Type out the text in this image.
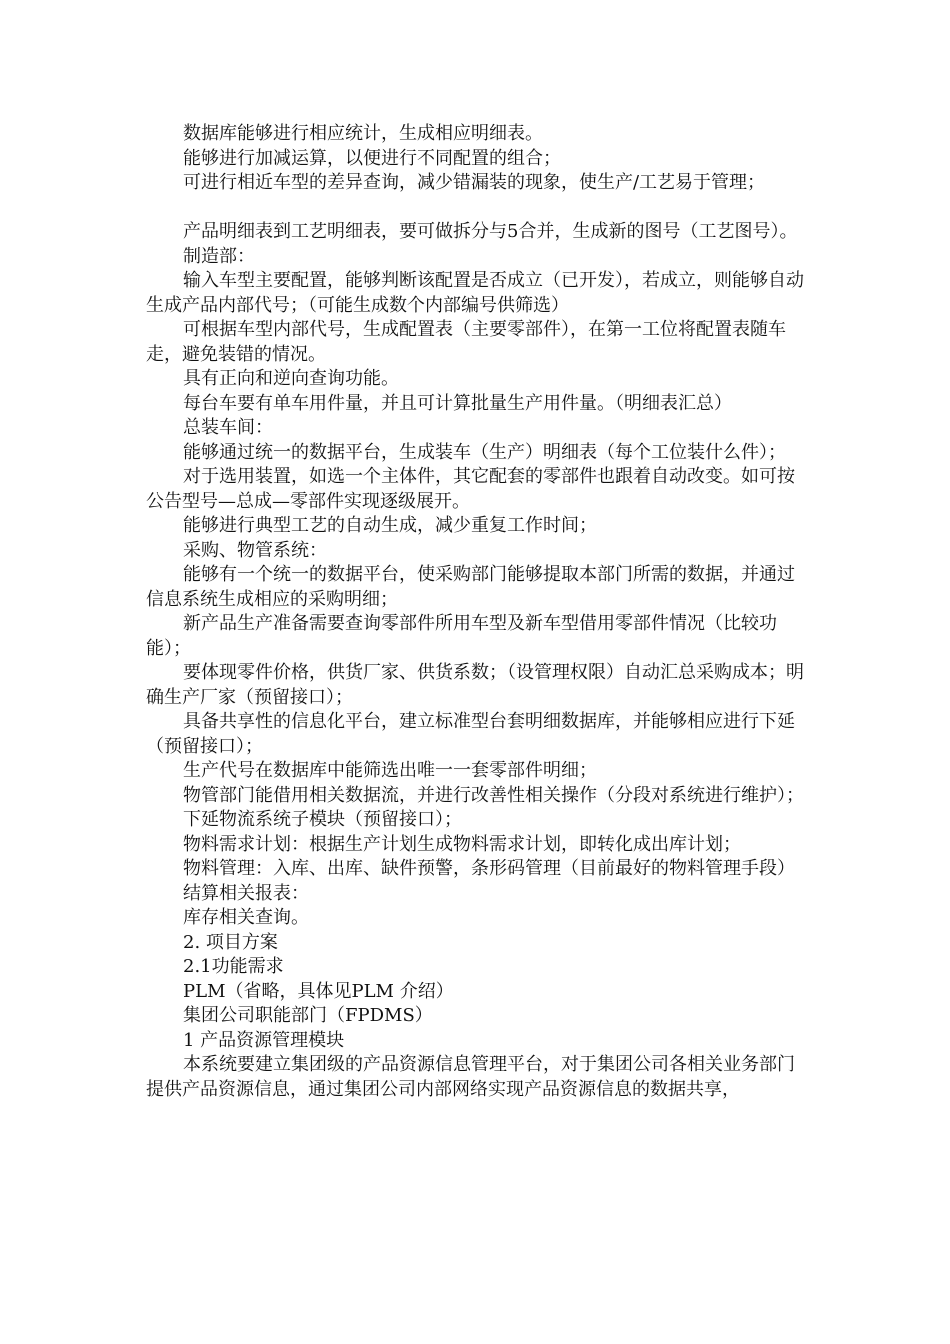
数据库能够进行相应统计，生成相应明细表。

能够进行加减运算，以便进行不同配置的组合；

可进行相近车型的差异查询，减少错漏装的现象，使生产/工艺易于管理；

产品明细表到工艺明细表，要可做拆分与5合并，生成新的图号（工艺图号）。

制造部：

输入车型主要配置，能够判断该配置是否成立（已开发），若成立，则能够自动生成产品内部代号；（可能生成数个内部编号供筛选）

可根据车型内部代号，生成配置表（主要零部件），在第一工位将配置表随车走，避免装错的情况。

具有正向和逆向查询功能。

每台车要有单车用件量，并且可计算批量生产用件量。（明细表汇总）

总装车间：

能够通过统一的数据平台，生成装车（生产）明细表（每个工位装什么件）；

对于选用装置，如选一个主体件，其它配套的零部件也跟着自动改变。如可按公告型号—总成—零部件实现逐级展开。

能够进行典型工艺的自动生成，减少重复工作时间；

采购、物管系统：

能够有一个统一的数据平台，使采购部门能够提取本部门所需的数据，并通过信息系统生成相应的采购明细；

新产品生产准备需要查询零部件所用车型及新车型借用零部件情况（比较功能）；

要体现零件价格，供货厂家、供货系数；（设管理权限）自动汇总采购成本；明确生产厂家（预留接口）；

具备共享性的信息化平台，建立标准型台套明细数据库，并能够相应进行下延（预留接口）；

生产代号在数据库中能筛选出唯一一套零部件明细；

物管部门能借用相关数据流，并进行改善性相关操作（分段对系统进行维护）；

下延物流系统子模块（预留接口）；

物料需求计划：根据生产计划生成物料需求计划，即转化成出库计划；

物料管理：入库、出库、缺件预警，条形码管理（目前最好的物料管理手段）

结算相关报表：

库存相关查询。

2. 项目方案

2.1功能需求

PLM（省略，具体见PLM 介绍）

集团公司职能部门（FPDMS）

1 产品资源管理模块

本系统要建立集团级的产品资源信息管理平台，对于集团公司各相关业务部门提供产品资源信息，通过集团公司内部网络实现产品资源信息的数据共享，
